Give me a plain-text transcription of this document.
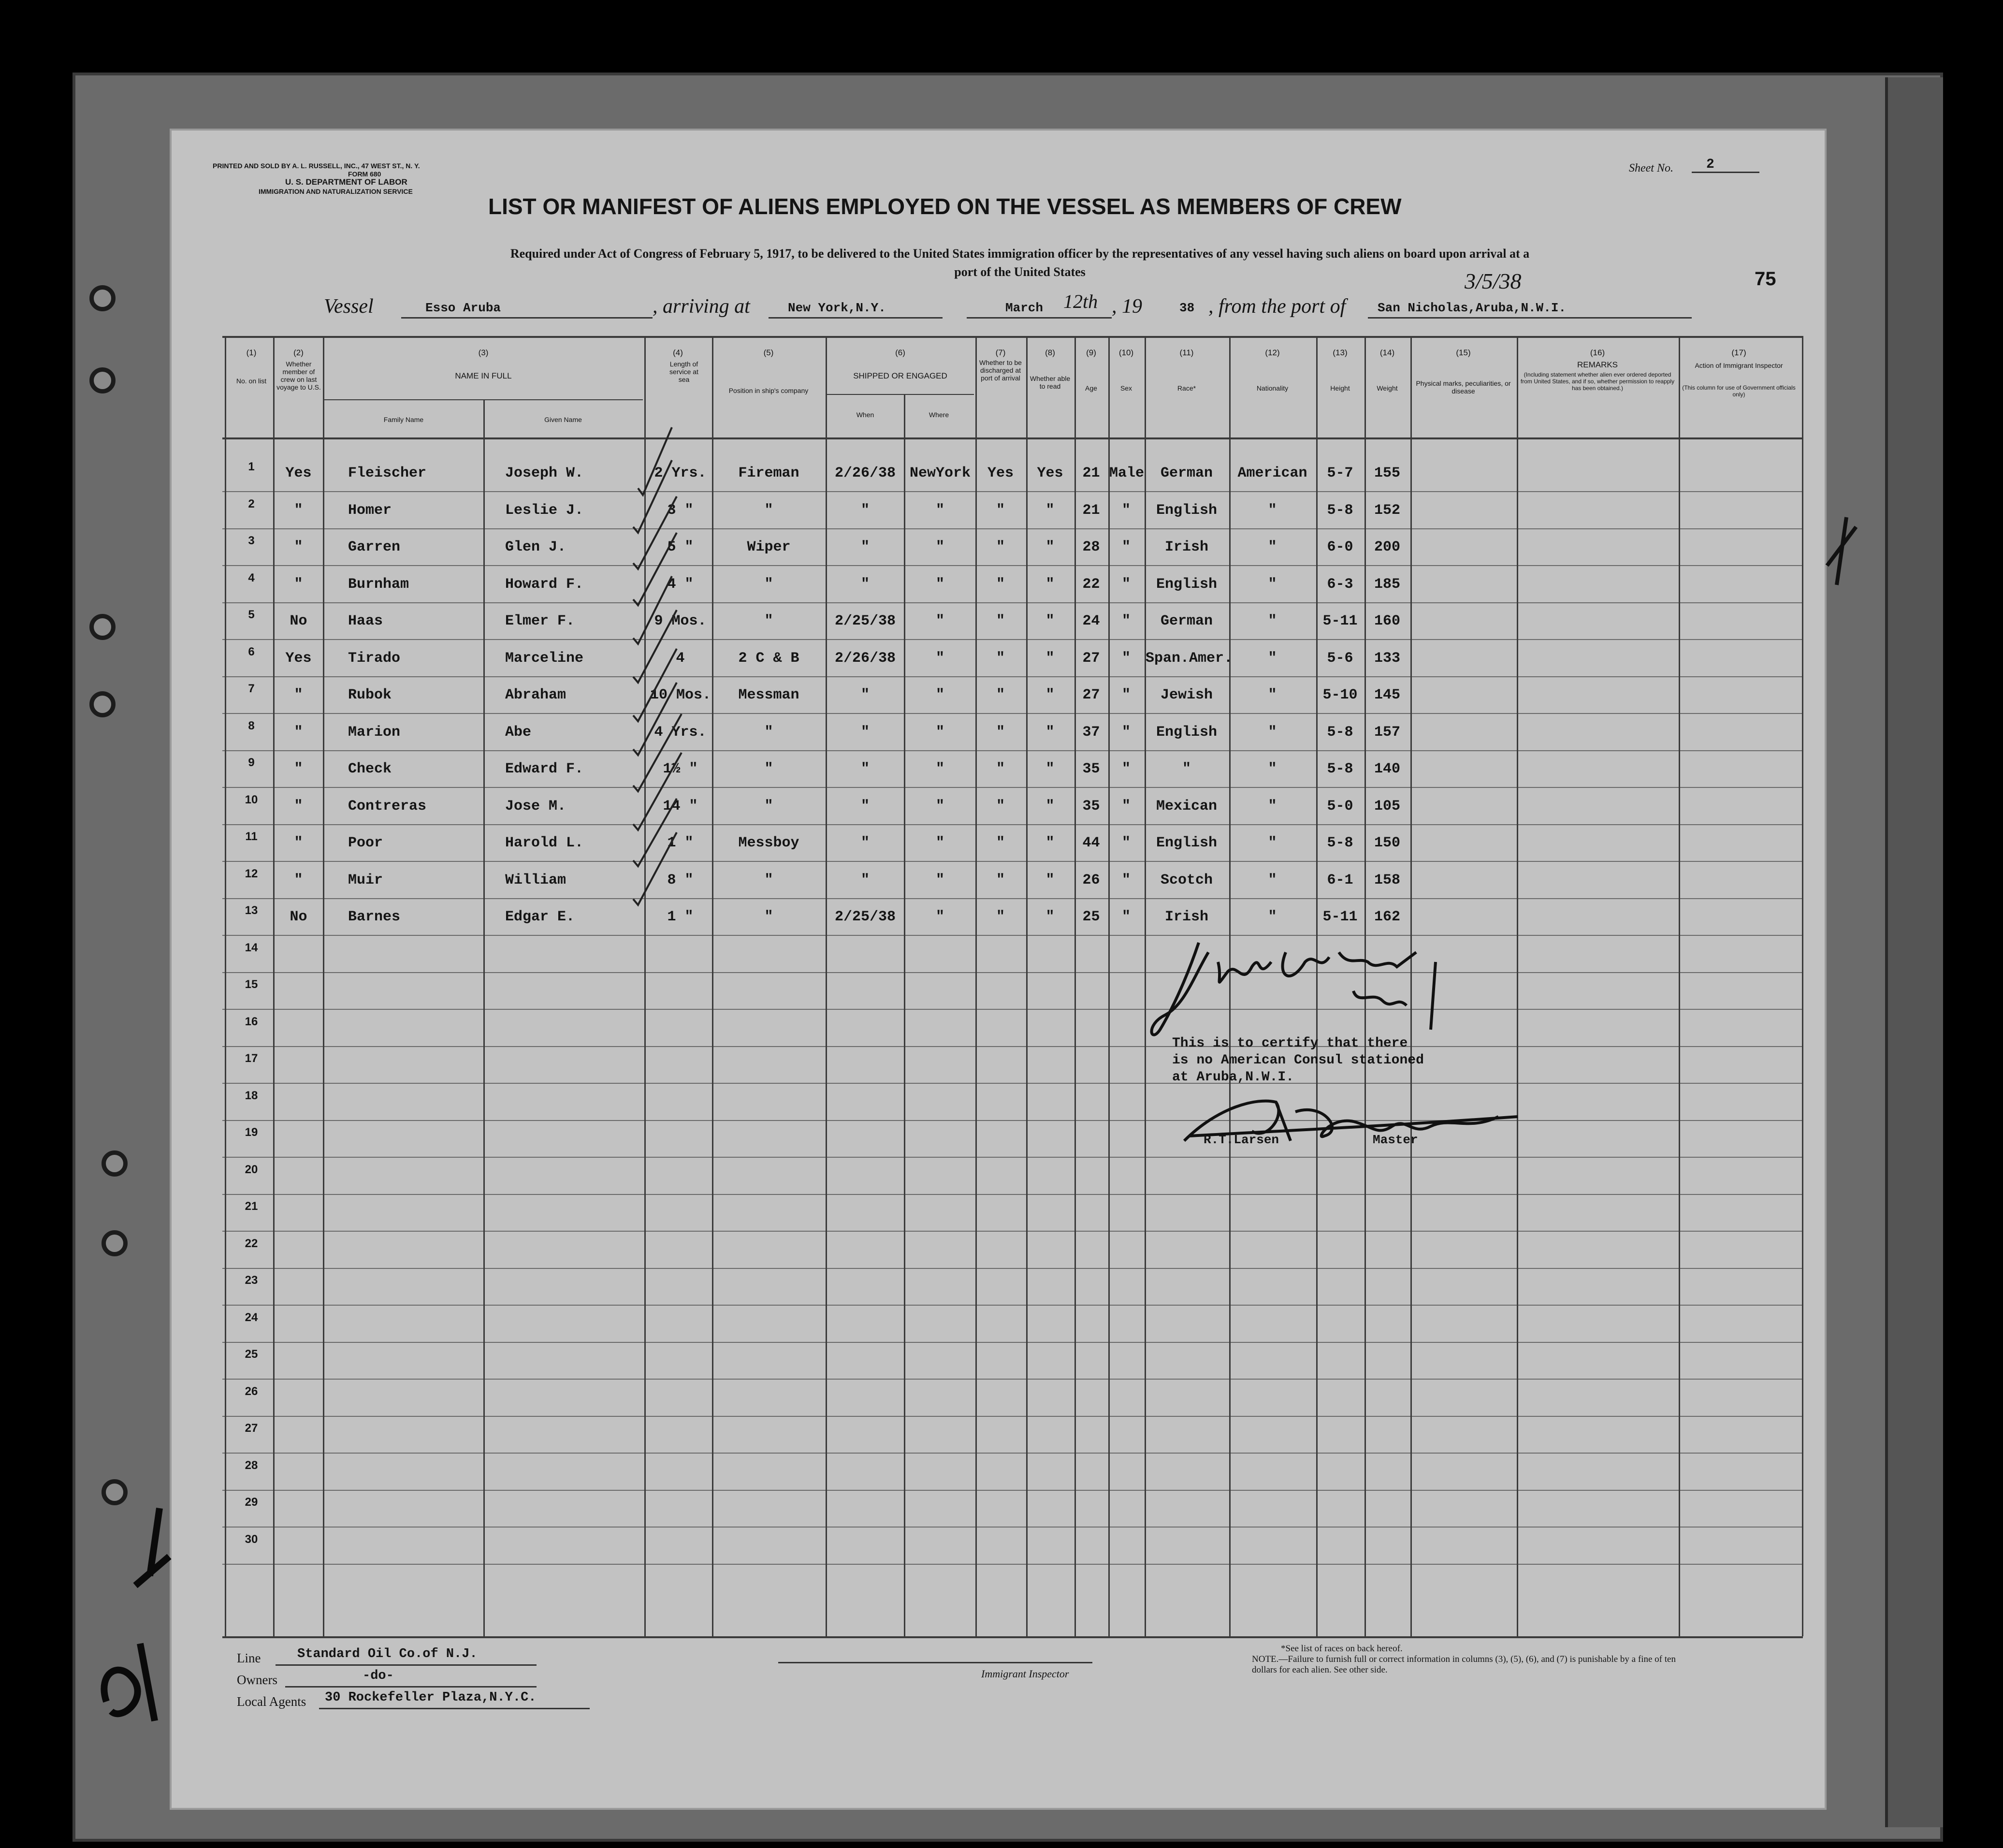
PRINTED AND SOLD BY A. L. RUSSELL, INC., 47 WEST ST., N. Y.
FORM 680
U. S. DEPARTMENT OF LABOR
IMMIGRATION AND NATURALIZATION SERVICE
Sheet No. 2
LIST OR MANIFEST OF ALIENS EMPLOYED ON THE VESSEL AS MEMBERS OF CREW
Required under Act of Congress of February 5, 1917, to be delivered to the United States immigration officer by the representatives of any vessel having such aliens on board upon arrival at a
port of the United States	75
3/5/38
Vessel	Esso Aruba	, arriving at	New York,N.Y.	March 12th , 19	38 , from the port of	San Nicholas,Aruba,N.W.I.
(1)
No. on list
(2)
Whether member of crew on last voyage to U.S.
(3)
NAME IN FULL
Family Name	Given Name
(4)
Length of service at sea
(5)
Position in ship's company
(6)
SHIPPED OR ENGAGED
When	Where
(7)
Whether to be discharged at port of arrival
(8)
Whether able to read
(9)
Age
(10)
Sex
(11)
Race*
(12)
Nationality
(13)
Height
(14)
Weight
(15)
Physical marks, peculiarities, or disease
(16)
REMARKS
(Including statement whether alien ever ordered deported from United States, and if so, whether permission to reapply has been obtained.)
(17)
Action of Immigrant Inspector
(This column for use of Government officials only)
1	Yes	Fleischer	Joseph W.	2 Yrs.	Fireman	2/26/38 NewYork	Yes	Yes	21 Male	German	American	5-7	155
2	"	Homer	Leslie J.	3 "	"	"	"	"	"	21	"	English	"	5-8	152
3	"	Garren	Glen J.	5 "	Wiper	"	"	"	"	28	"	Irish	"	6-0	200
4	"	Burnham	Howard F.	4 "	"	"	"	"	"	22	"	English	"	6-3	185
5	No	Haas	Elmer F.	9 Mos.	"	2/25/38	"	"	"	24	"	German	"	5-11	160
6	Yes	Tirado	Marceline	4	2 C & B	2/26/38	"	"	"	27	"	Span.Amer.	"	5-6	133
7	"	Rubok	Abraham	10 Mos.	Messman	"	"	"	"	27	"	Jewish	"	5-10	145
8	"	Marion	Abe	4 Yrs.	"	"	"	"	"	37	"	English	"	5-8	157
9	"	Check	Edward F.	1½ "	"	"	"	"	"	35	"	"	"	5-8	140
10	"	Contreras	Jose M.	14 "	"	"	"	"	"	35	"	Mexican	"	5-0	105
11	"	Poor	Harold L.	1 "	Messboy	"	"	"	"	44	"	English	"	5-8	150
12	"	Muir	William	8 "	"	"	"	"	"	26	"	Scotch	"	6-1	158
13	No	Barnes	Edgar E.	1 "	"	2/25/38	"	"	"	25	"	Irish	"	5-11	162
14
15
16
17
18
19
20
21
22
23
24
25
26
27
28
29
30
This is to certify that there
is no American Consul stationed
at Aruba,N.W.I.
R.T.Larsen	Master
Line	Standard Oil Co.of N.J.
Owners	-do-
Local Agents 30 Rockefeller Plaza,N.Y.C.
Immigrant Inspector
*See list of races on back hereof.
NOTE.—Failure to furnish full or correct information in columns (3), (5), (6), and (7) is punishable by a fine of ten dollars for each alien. See other side.
